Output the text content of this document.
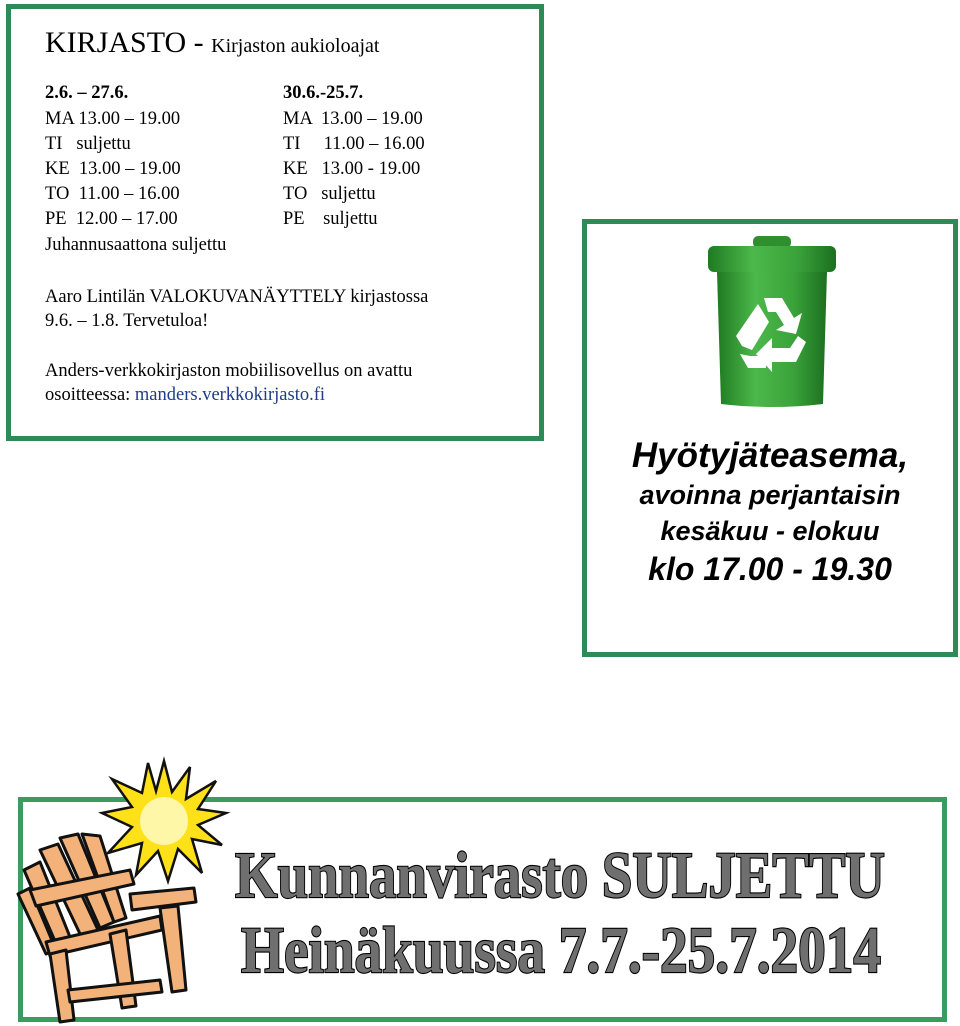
KIRJASTO - Kirjaston aukioloajat
2.6. – 27.6.
MA 13.00 – 19.00
TI   suljettu
KE  13.00 – 19.00
TO  11.00 – 16.00
PE  12.00 – 17.00
30.6.-25.7.
MA  13.00 – 19.00
TI     11.00 – 16.00
KE   13.00 - 19.00
TO   suljettu
PE    suljettu
Juhannusaattona suljettu
Aaro Lintilän VALOKUVANÄYTTELY kirjastossa
9.6. – 1.8. Tervetuloa!
Anders-verkkokirjaston mobiilisovellus on avattu
osoitteessa: manders.verkkokirjasto.fi
Hyötyjäteasema,
avoinna perjantaisin
kesäkuu - elokuu
klo 17.00 - 19.30
Kunnanvirasto SULJETTU
Heinäkuussa 7.7.-25.7.2014
